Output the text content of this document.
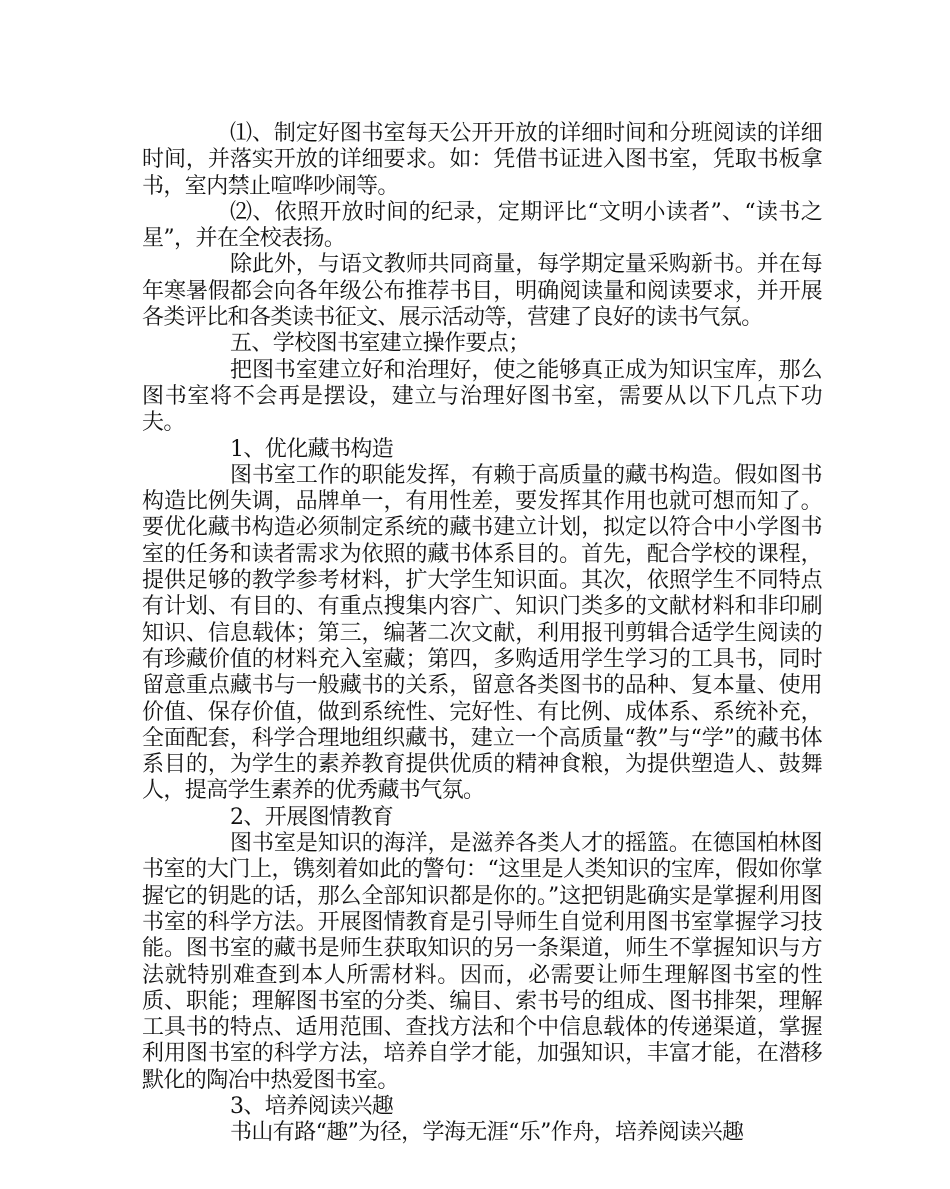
⑴、制定好图书室每天公开开放的详细时间和分班阅读的详细时间，并落实开放的详细要求。如：凭借书证进入图书室，凭取书板拿书，室内禁止喧哗吵闹等。

⑵、依照开放时间的纪录，定期评比“文明小读者”、“读书之星”，并在全校表扬。

除此外，与语文教师共同商量，每学期定量采购新书。并在每年寒暑假都会向各年级公布推荐书目，明确阅读量和阅读要求，并开展各类评比和各类读书征文、展示活动等，营建了良好的读书气氛。

五、学校图书室建立操作要点；

把图书室建立好和治理好，使之能够真正成为知识宝库，那么图书室将不会再是摆设，建立与治理好图书室，需要从以下几点下功夫。

1、优化藏书构造

图书室工作的职能发挥，有赖于高质量的藏书构造。假如图书构造比例失调，品牌单一，有用性差，要发挥其作用也就可想而知了。要优化藏书构造必须制定系统的藏书建立计划，拟定以符合中小学图书室的任务和读者需求为依照的藏书体系目的。首先，配合学校的课程，提供足够的教学参考材料，扩大学生知识面。其次，依照学生不同特点有计划、有目的、有重点搜集内容广、知识门类多的文献材料和非印刷知识、信息载体；第三，编著二次文献，利用报刊剪辑合适学生阅读的有珍藏价值的材料充入室藏；第四，多购适用学生学习的工具书，同时留意重点藏书与一般藏书的关系，留意各类图书的品种、复本量、使用价值、保存价值，做到系统性、完好性、有比例、成体系、系统补充，全面配套，科学合理地组织藏书，建立一个高质量“教”与“学”的藏书体系目的，为学生的素养教育提供优质的精神食粮，为提供塑造人、鼓舞人，提高学生素养的优秀藏书气氛。

2、开展图情教育

图书室是知识的海洋，是滋养各类人才的摇篮。在德国柏林图书室的大门上，镌刻着如此的警句：“这里是人类知识的宝库，假如你掌握它的钥匙的话，那么全部知识都是你的。”这把钥匙确实是掌握利用图书室的科学方法。开展图情教育是引导师生自觉利用图书室掌握学习技能。图书室的藏书是师生获取知识的另一条渠道，师生不掌握知识与方法就特别难查到本人所需材料。因而，必需要让师生理解图书室的性质、职能；理解图书室的分类、编目、索书号的组成、图书排架，理解工具书的特点、适用范围、查找方法和个中信息载体的传递渠道，掌握利用图书室的科学方法，培养自学才能，加强知识，丰富才能，在潜移默化的陶冶中热爱图书室。

3、培养阅读兴趣

书山有路“趣”为径，学海无涯“乐”作舟，培养阅读兴趣
